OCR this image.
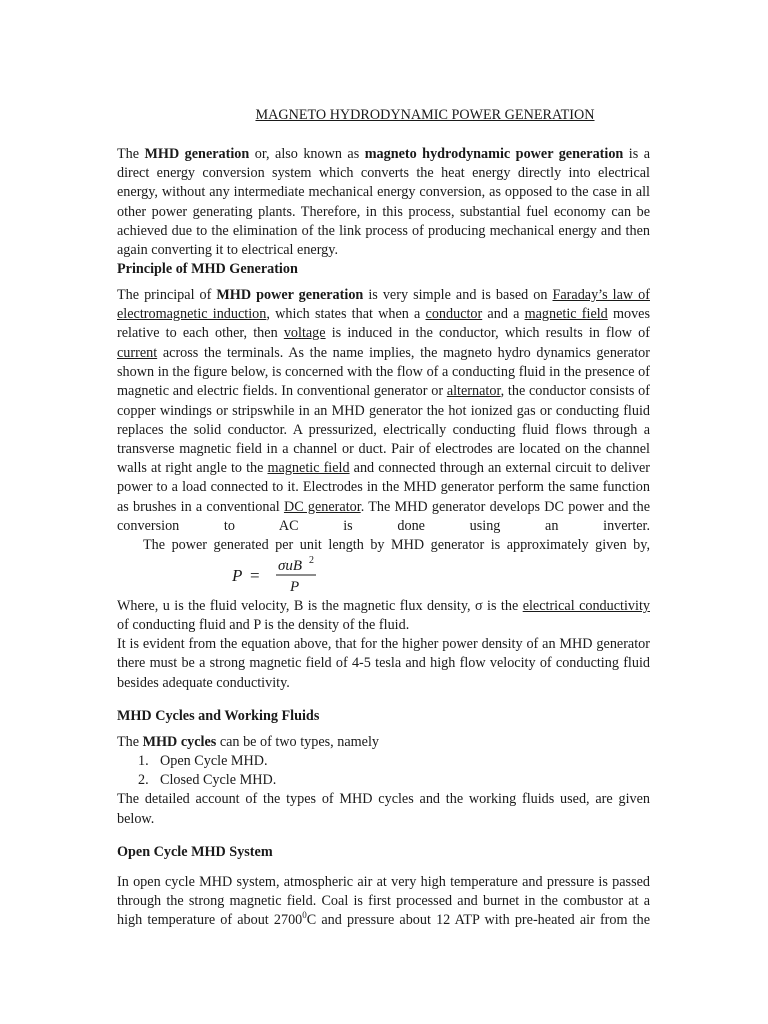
MAGNETO HYDRODYNAMIC POWER GENERATION
The MHD generation or, also known as magneto hydrodynamic power generation is a
direct energy conversion system which converts the heat energy directly into electrical
energy, without any intermediate mechanical energy conversion, as opposed to the case in all
other power generating plants. Therefore, in this process, substantial fuel economy can be
achieved due to the elimination of the link process of producing mechanical energy and then
again converting it to electrical energy.
Principle of MHD Generation
The principal of MHD power generation is very simple and is based on Faraday’s law of
electromagnetic induction, which states that when a conductor and a magnetic field moves
relative to each other, then voltage is induced in the conductor, which results in flow of
current across the terminals. As the name implies, the magneto hydro dynamics generator
shown in the figure below, is concerned with the flow of a conducting fluid in the presence of
magnetic and electric fields. In conventional generator or alternator, the conductor consists of
copper windings or stripswhile in an MHD generator the hot ionized gas or conducting fluid
replaces the solid conductor. A pressurized, electrically conducting fluid flows through a
transverse magnetic field in a channel or duct. Pair of electrodes are located on the channel
walls at right angle to the magnetic field and connected through an external circuit to deliver
power to a load connected to it. Electrodes in the MHD generator perform the same function
as brushes in a conventional DC generator. The MHD generator develops DC power and the
conversion to AC is done using an inverter.
The power generated per unit length by MHD generator is approximately given by,
P = σuB 2
P
Where, u is the fluid velocity, B is the magnetic flux density, σ is the electrical conductivity
of conducting fluid and P is the density of the fluid.
It is evident from the equation above, that for the higher power density of an MHD generator
there must be a strong magnetic field of 4-5 tesla and high flow velocity of conducting fluid
besides adequate conductivity.
MHD Cycles and Working Fluids
The MHD cycles can be of two types, namely
1. Open Cycle MHD.
2. Closed Cycle MHD.
The detailed account of the types of MHD cycles and the working fluids used, are given
below.
Open Cycle MHD System
In open cycle MHD system, atmospheric air at very high temperature and pressure is passed
through the strong magnetic field. Coal is first processed and burnet in the combustor at a
high temperature of about 2700$^0$C and pressure about 12 ATP with pre-heated air from the
